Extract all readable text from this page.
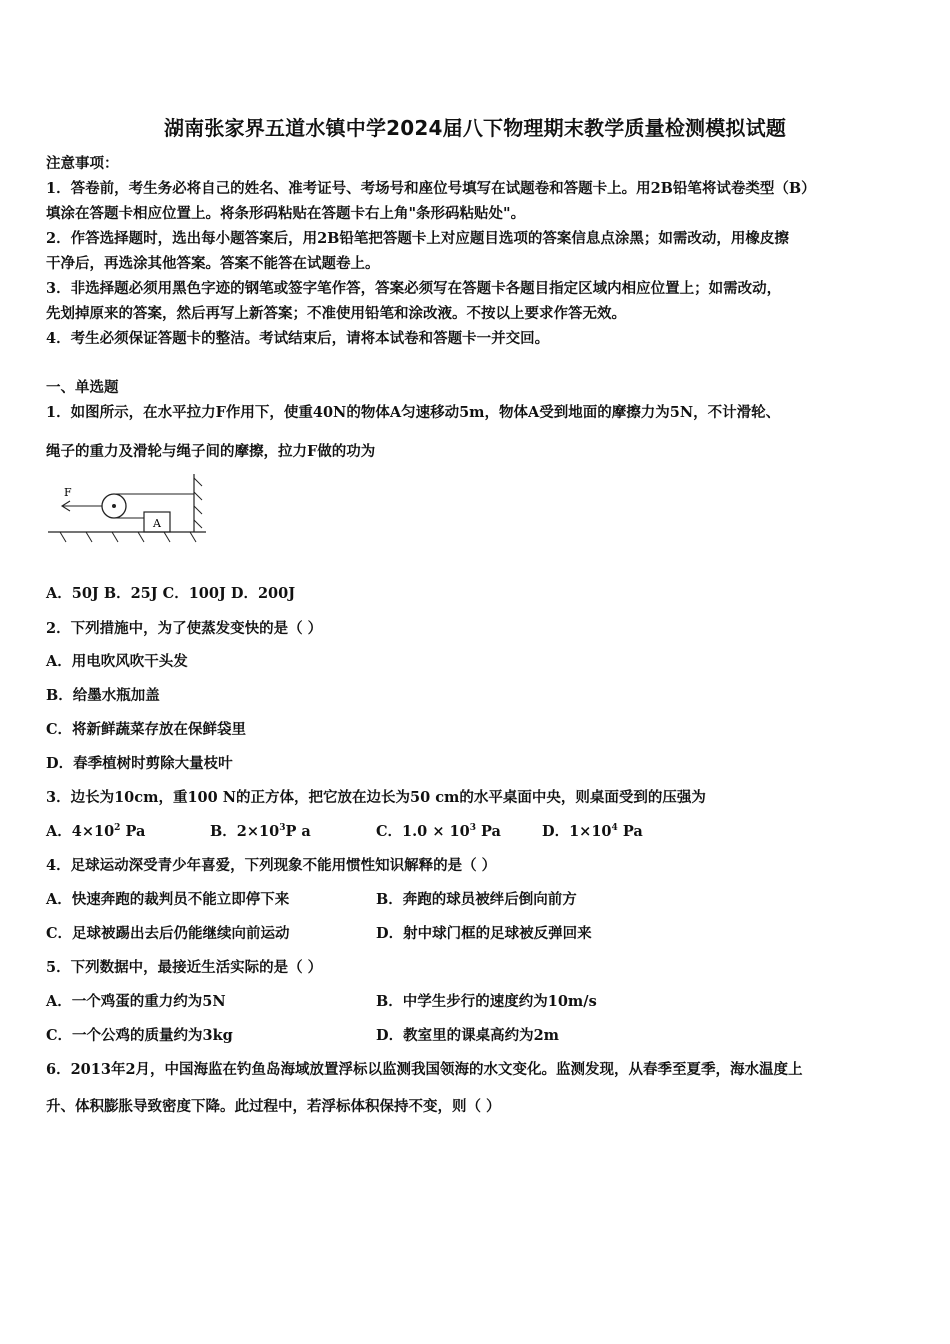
湖南张家界五道水镇中学2024届八下物理期末教学质量检测模拟试题
注意事项：
1．答卷前，考生务必将自己的姓名、准考证号、考场号和座位号填写在试题卷和答题卡上。用2B铅笔将试卷类型（B）
填涂在答题卡相应位置上。将条形码粘贴在答题卡右上角"条形码粘贴处"。
2．作答选择题时，选出每小题答案后，用2B铅笔把答题卡上对应题目选项的答案信息点涂黑；如需改动，用橡皮擦
干净后，再选涂其他答案。答案不能答在试题卷上。
3．非选择题必须用黑色字迹的钢笔或签字笔作答，答案必须写在答题卡各题目指定区域内相应位置上；如需改动，
先划掉原来的答案，然后再写上新答案；不准使用铅笔和涂改液。不按以上要求作答无效。
4．考生必须保证答题卡的整洁。考试结束后，请将本试卷和答题卡一并交回。
一、单选题
1．如图所示，在水平拉力F作用下，使重40N的物体A匀速移动5m，物体A受到地面的摩擦力为5N，不计滑轮、
绳子的重力及滑轮与绳子间的摩擦，拉力F做的功为
A
F
A．50J B．25J C．100J D．200J
2．下列措施中，为了使蒸发变快的是（ ）
A．用电吹风吹干头发
B．给墨水瓶加盖
C．将新鲜蔬菜存放在保鲜袋里
D．春季植树时剪除大量枝叶
3．边长为10cm，重100 N的正方体，把它放在边长为50 cm的水平桌面中央，则桌面受到的压强为
A．$4\times 10^2$ Pa	B．$2\times 10^3P$ a	C．$1.0 \times 10^3$ Pa	D．$1\times 10^4$ Pa
4．足球运动深受青少年喜爱，下列现象不能用惯性知识解释的是（ ）
A．快速奔跑的裁判员不能立即停下来	B．奔跑的球员被绊后倒向前方
C．足球被踢出去后仍能继续向前运动	D．射中球门框的足球被反弹回来
5．下列数据中，最接近生活实际的是（ ）
A．一个鸡蛋的重力约为5N	B．中学生步行的速度约为10m/s
C．一个公鸡的质量约为3kg	D．教室里的课桌高约为2m
6．2013年2月，中国海监在钓鱼岛海域放置浮标以监测我国领海的水文变化。监测发现，从春季至夏季，海水温度上
升、体积膨胀导致密度下降。此过程中，若浮标体积保持不变，则（ ）
